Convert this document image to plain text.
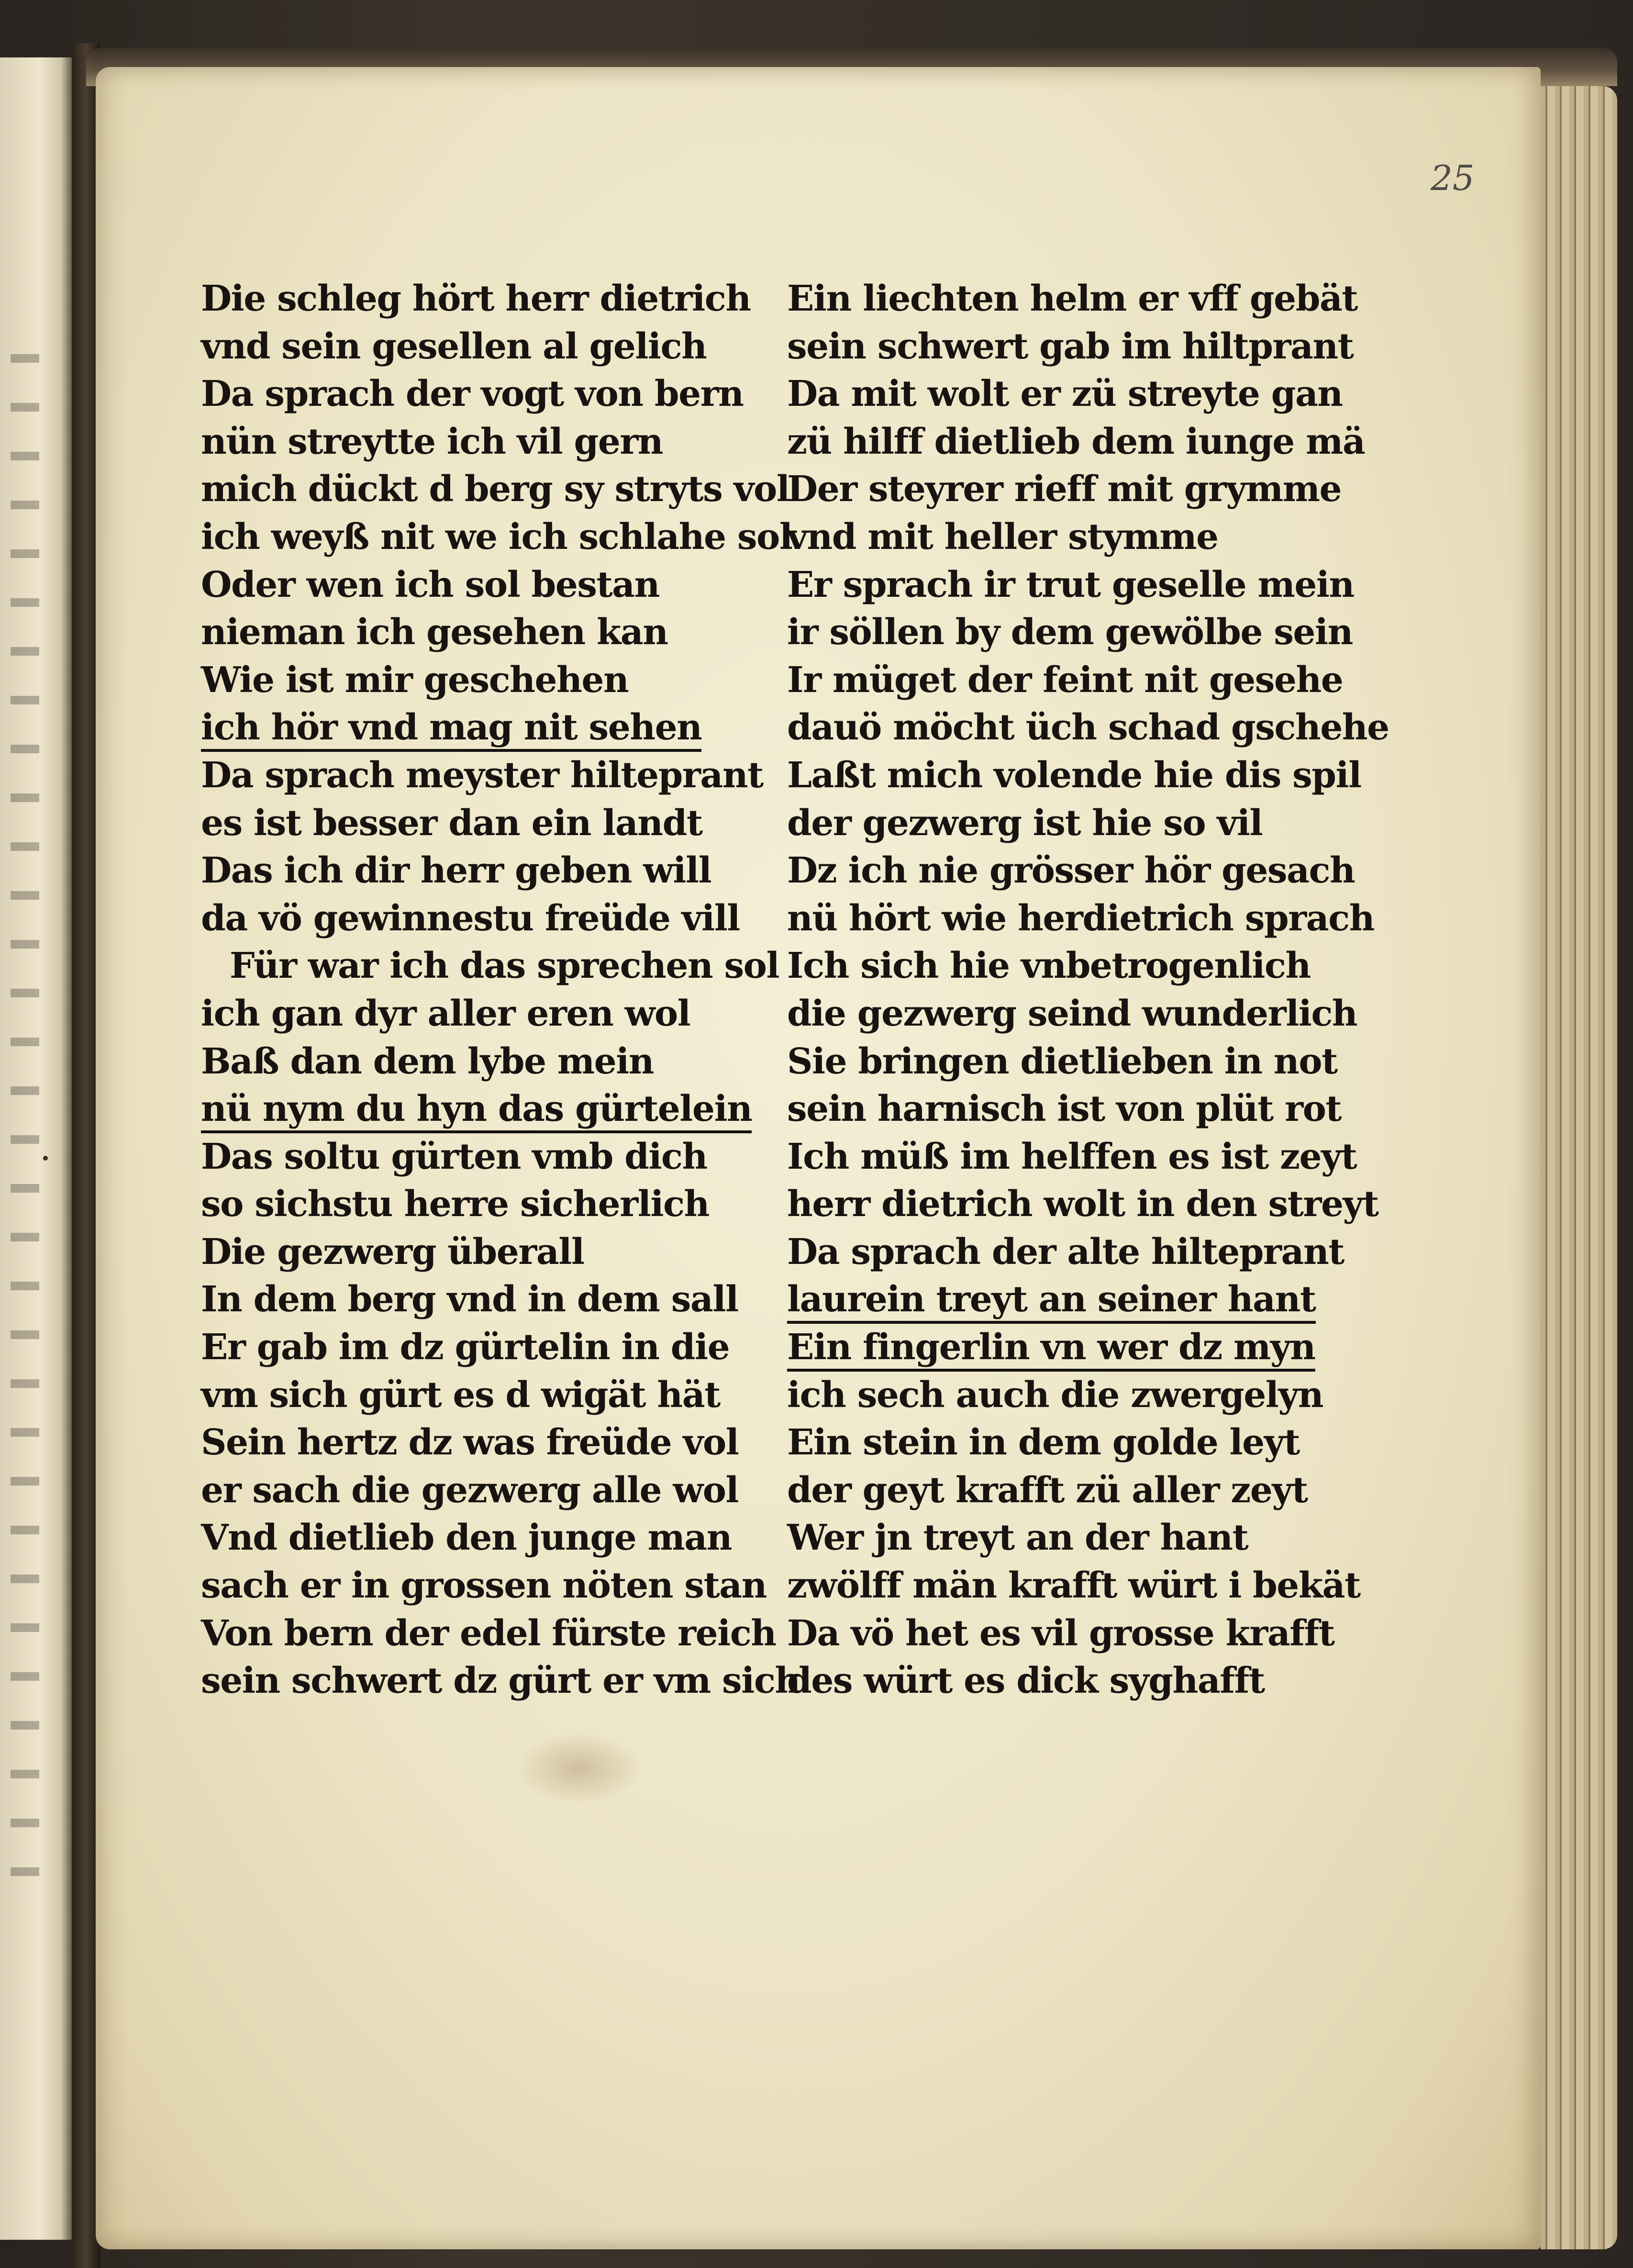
25
Die schleg hört herr dietrich
vnd sein gesellen al gelich
Da sprach der vogt von bern
nün streytte ich vil gern
mich dückt d berg sy stryts vol
ich weyß nit we ich schlahe sol
Oder wen ich sol bestan
nieman ich gesehen kan
Wie ist mir geschehen
ich hör vnd mag nit sehen
Da sprach meyster hilteprant
es ist besser dan ein landt
Das ich dir herr geben will
da vö gewinnestu freüde vill
Für war ich das sprechen sol
ich gan dyr aller eren wol
Baß dan dem lybe mein
nü nym du hyn das gürtelein
Das soltu gürten vmb dich
so sichstu herre sicherlich
Die gezwerg überall
In dem berg vnd in dem sall
Er gab im dz gürtelin in die
vm sich gürt es d wigät hät
Sein hertz dz was freüde vol
er sach die gezwerg alle wol
Vnd dietlieb den junge man
sach er in grossen nöten stan
Von bern der edel fürste reich
sein schwert dz gürt er vm sich
Ein liechten helm er vff gebät
sein schwert gab im hiltprant
Da mit wolt er zü streyte gan
zü hilff dietlieb dem iunge mä
Der steyrer rieff mit grymme
vnd mit heller stymme
Er sprach ir trut geselle mein
ir söllen by dem gewölbe sein
Ir müget der feint nit gesehe
dauö möcht üch schad gschehe
Laßt mich volende hie dis spil
der gezwerg ist hie so vil
Dz ich nie grösser hör gesach
nü hört wie herdietrich sprach
Ich sich hie vnbetrogenlich
die gezwerg seind wunderlich
Sie bringen dietlieben in not
sein harnisch ist von plüt rot
Ich müß im helffen es ist zeyt
herr dietrich wolt in den streyt
Da sprach der alte hilteprant
laurein treyt an seiner hant
Ein fingerlin vn wer dz myn
ich sech auch die zwergelyn
Ein stein in dem golde leyt
der geyt krafft zü aller zeyt
Wer jn treyt an der hant
zwölff män krafft würt i bekät
Da vö het es vil grosse krafft
des würt es dick syghafft
